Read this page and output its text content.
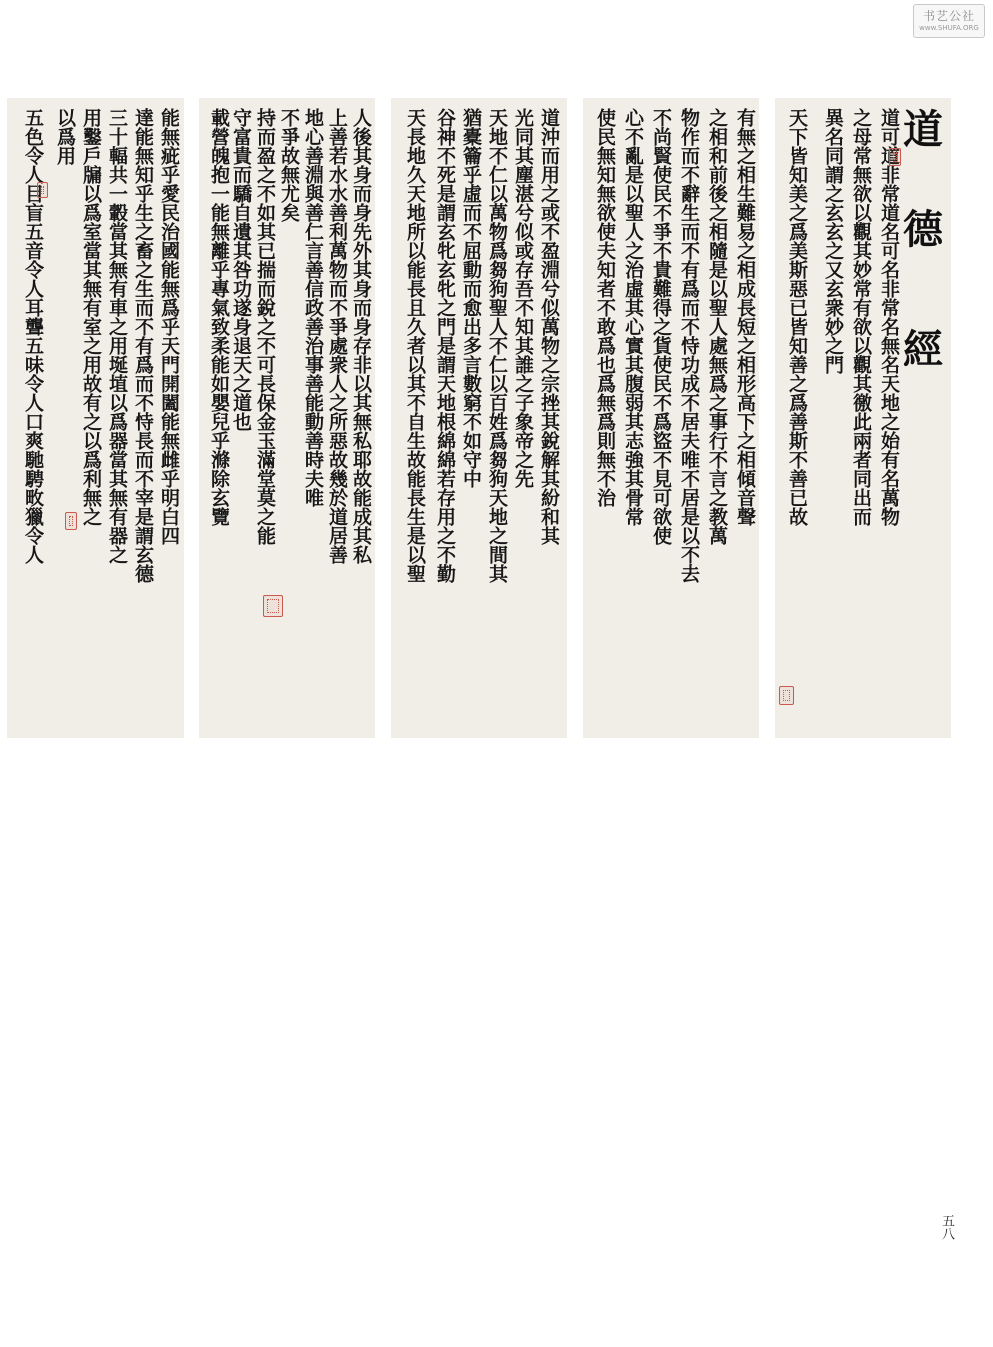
书艺公社
www.SHUFA.ORG
能無疵乎愛民治國能無爲乎天門開闔能無雌乎明白四
達能無知乎生之畜之生而不有爲而不恃長而不宰是謂玄德
三十輻共一轂當其無有車之用埏埴以爲器當其無有器之
用鑿戶牖以爲室當其無有室之用故有之以爲利無之
以爲用
五色令人目盲五音令人耳聾五味令人口爽馳騁畋獵令人	人後其身而身先外其身而身存非以其無私耶故能成其私
上善若水水善利萬物而不爭處衆人之所惡故幾於道居善
地心善淵與善仁言善信政善治事善能動善時夫唯
不爭故無尤矣
持而盈之不如其已揣而銳之不可長保金玉滿堂莫之能
守富貴而驕自遺其咎功遂身退天之道也
載營魄抱一能無離乎專氣致柔能如嬰兒乎滌除玄覽	道沖而用之或不盈淵兮似萬物之宗挫其銳解其紛和其
光同其塵湛兮似或存吾不知其誰之子象帝之先
天地不仁以萬物爲芻狗聖人不仁以百姓爲芻狗天地之間其
猶橐籥乎虛而不屈動而愈出多言數窮不如守中
谷神不死是謂玄牝玄牝之門是謂天地根綿綿若存用之不勤
天長地久天地所以能長且久者以其不自生故能長生是以聖	有無之相生難易之相成長短之相形高下之相傾音聲
之相和前後之相隨是以聖人處無爲之事行不言之教萬
物作而不辭生而不有爲而不恃功成不居夫唯不居是以不去
不尚賢使民不爭不貴難得之貨使民不爲盜不見可欲使
心不亂是以聖人之治虛其心實其腹弱其志強其骨常
使民無知無欲使夫知者不敢爲也爲無爲則無不治	道
德
經
道可道非常道名可名非常名無名天地之始有名萬物
之母常無欲以觀其妙常有欲以觀其徼此兩者同出而
異名同謂之玄玄之又玄衆妙之門
天下皆知美之爲美斯惡已皆知善之爲善斯不善已故
五八
